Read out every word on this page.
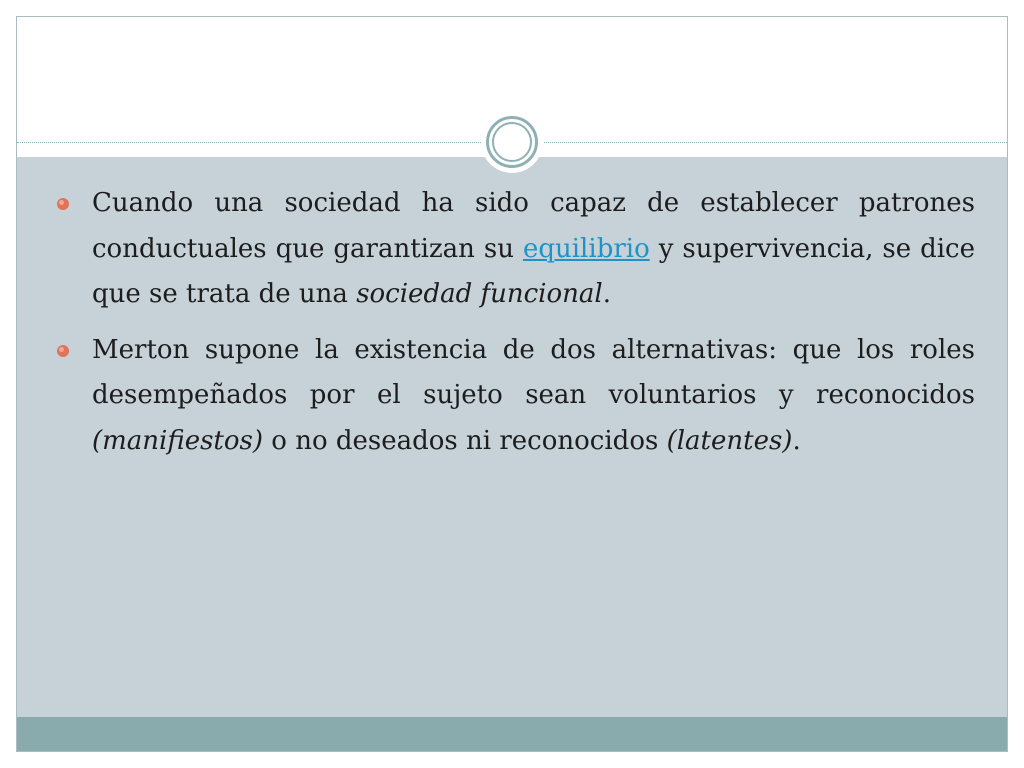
Cuando una sociedad ha sido capaz de establecer patrones conductuales que garantizan su equilibrio y supervivencia, se dice que se trata de una sociedad funcional.
Merton supone la existencia de dos alternativas: que los roles desempeñados por el sujeto sean voluntarios y reconocidos (manifiestos) o no deseados ni reconocidos (latentes).
